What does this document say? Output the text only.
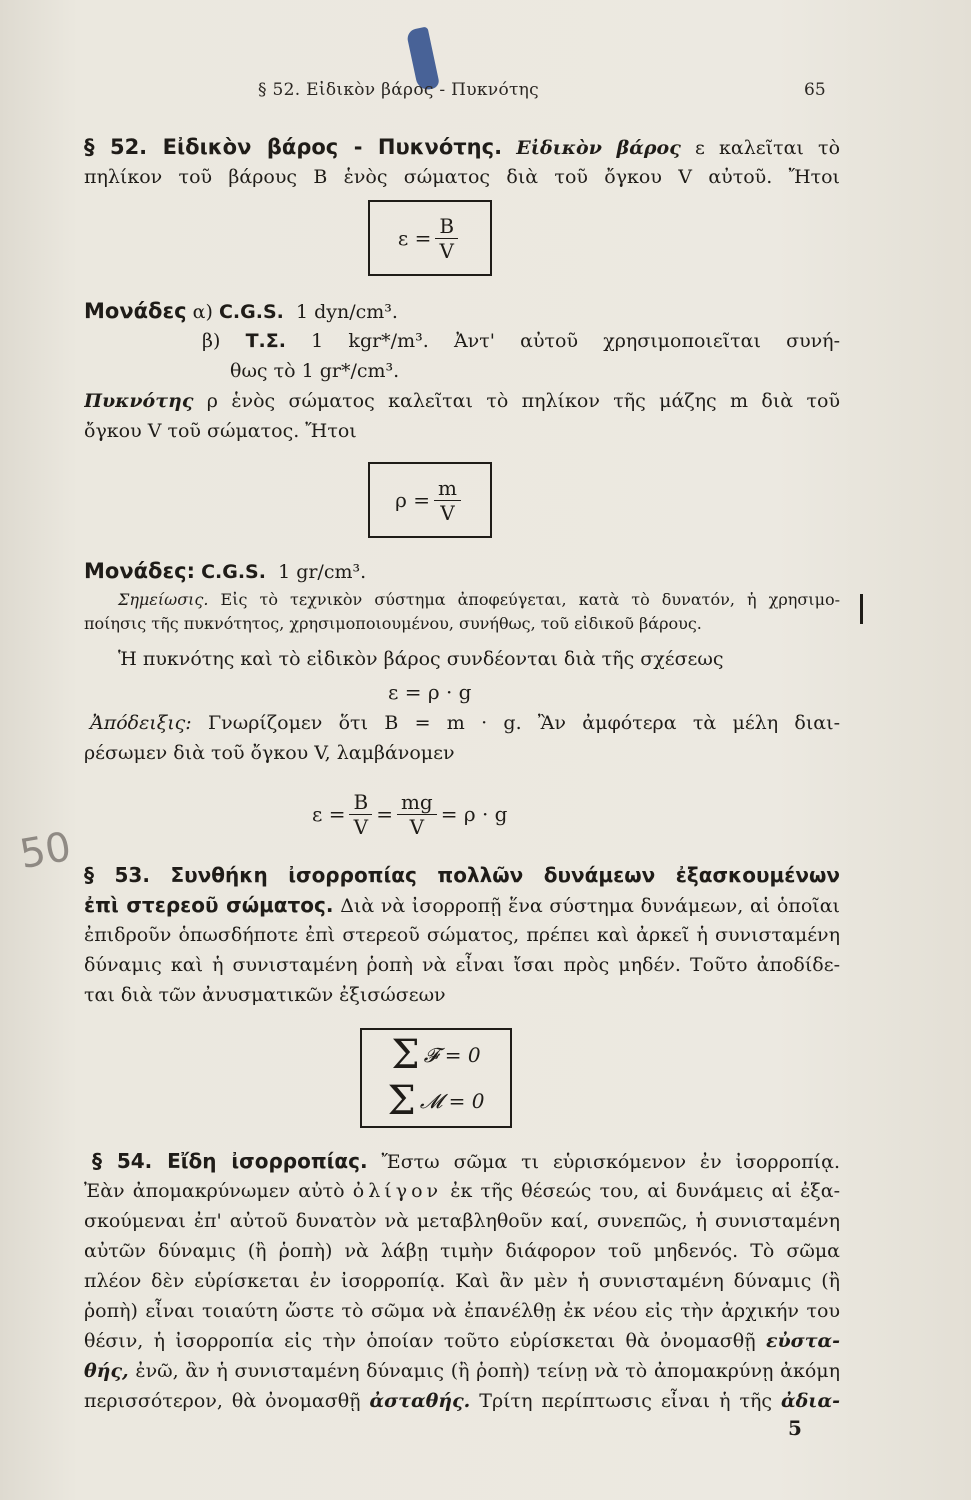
§ 52. Εἰδικὸν βάρος - Πυκνότης	65
§ 52. Εἰδικὸν βάρος - Πυκνότης. Εἰδικὸν βάρος ε καλεῖται τὸ
πηλίκον τοῦ βάρους Β ἑνὸς σώματος διὰ τοῦ ὄγκου V αὐτοῦ. Ἤτοι
$\varepsilon = \frac{B}{V}$
Μονάδες α) C.G.S. 1 dyn/cm³.
β) Τ.Σ. 1 kgr*/m³. Ἀντ' αὐτοῦ χρησιμοποιεῖται συνή-
θως τὸ 1 gr*/cm³.
Πυκνότης ρ ἑνὸς σώματος καλεῖται τὸ πηλίκον τῆς μάζης m διὰ τοῦ
ὄγκου V τοῦ σώματος. Ἤτοι
$\rho = \frac{m}{V}$
Μονάδες: C.G.S. 1 gr/cm³.
Σημείωσις. Εἰς τὸ τεχνικὸν σύστημα ἀποφεύγεται, κατὰ τὸ δυνατόν, ἡ χρησιμο-
ποίησις τῆς πυκνότητος, χρησιμοποιουμένου, συνήθως, τοῦ εἰδικοῦ βάρους.
Ἡ πυκνότης καὶ τὸ εἰδικὸν βάρος συνδέονται διὰ τῆς σχέσεως
ε = ρ · g
Ἀπόδειξις: Γνωρίζομεν ὅτι Β = m · g. Ἂν ἀμφότερα τὰ μέλη διαι-
ρέσωμεν διὰ τοῦ ὄγκου V, λαμβάνομεν
$\varepsilon = \frac{B}{V} = \frac{mg}{V} = \rho \cdot g$
50 § 53. Συνθήκη ἰσορροπίας πολλῶν δυνάμεων ἐξασκουμένων
ἐπὶ στερεοῦ σώματος. Διὰ νὰ ἰσορροπῇ ἕνα σύστημα δυνάμεων, αἱ ὁποῖαι
ἐπιδροῦν ὁπωσδήποτε ἐπὶ στερεοῦ σώματος, πρέπει καὶ ἀρκεῖ ἡ συνισταμένη
δύναμις καὶ ἡ συνισταμένη ῥοπὴ νὰ εἶναι ἴσαι πρὸς μηδέν. Τοῦτο ἀποδίδε-
ται διὰ τῶν ἀνυσματικῶν ἐξισώσεων
Σ 𝓕 = 0
Σ 𝓜 = 0
§ 54. Εἴδη ἰσορροπίας. Ἔστω σῶμα τι εὑρισκόμενον ἐν ἰσορροπίᾳ.
Ἐὰν ἀπομακρύνωμεν αὐτὸ ὀλίγον ἐκ τῆς θέσεώς του, αἱ δυνάμεις αἱ ἐξα-
σκούμεναι ἐπ' αὐτοῦ δυνατὸν νὰ μεταβληθοῦν καί, συνεπῶς, ἡ συνισταμένη
αὐτῶν δύναμις (ἢ ῥοπὴ) νὰ λάβῃ τιμὴν διάφορον τοῦ μηδενός. Τὸ σῶμα
πλέον δὲν εὑρίσκεται ἐν ἰσορροπίᾳ. Καὶ ἂν μὲν ἡ συνισταμένη δύναμις (ἢ
ῥοπὴ) εἶναι τοιαύτη ὥστε τὸ σῶμα νὰ ἐπανέλθῃ ἐκ νέου εἰς τὴν ἀρχικήν του
θέσιν, ἡ ἰσορροπία εἰς τὴν ὁποίαν τοῦτο εὑρίσκεται θὰ ὀνομασθῇ εὐστα-
θής, ἐνῶ, ἂν ἡ συνισταμένη δύναμις (ἢ ῥοπὴ) τείνῃ νὰ τὸ ἀπομακρύνῃ ἀκόμη
περισσότερον, θὰ ὀνομασθῇ ἀσταθής. Τρίτη περίπτωσις εἶναι ἡ τῆς ἀδια-
5
